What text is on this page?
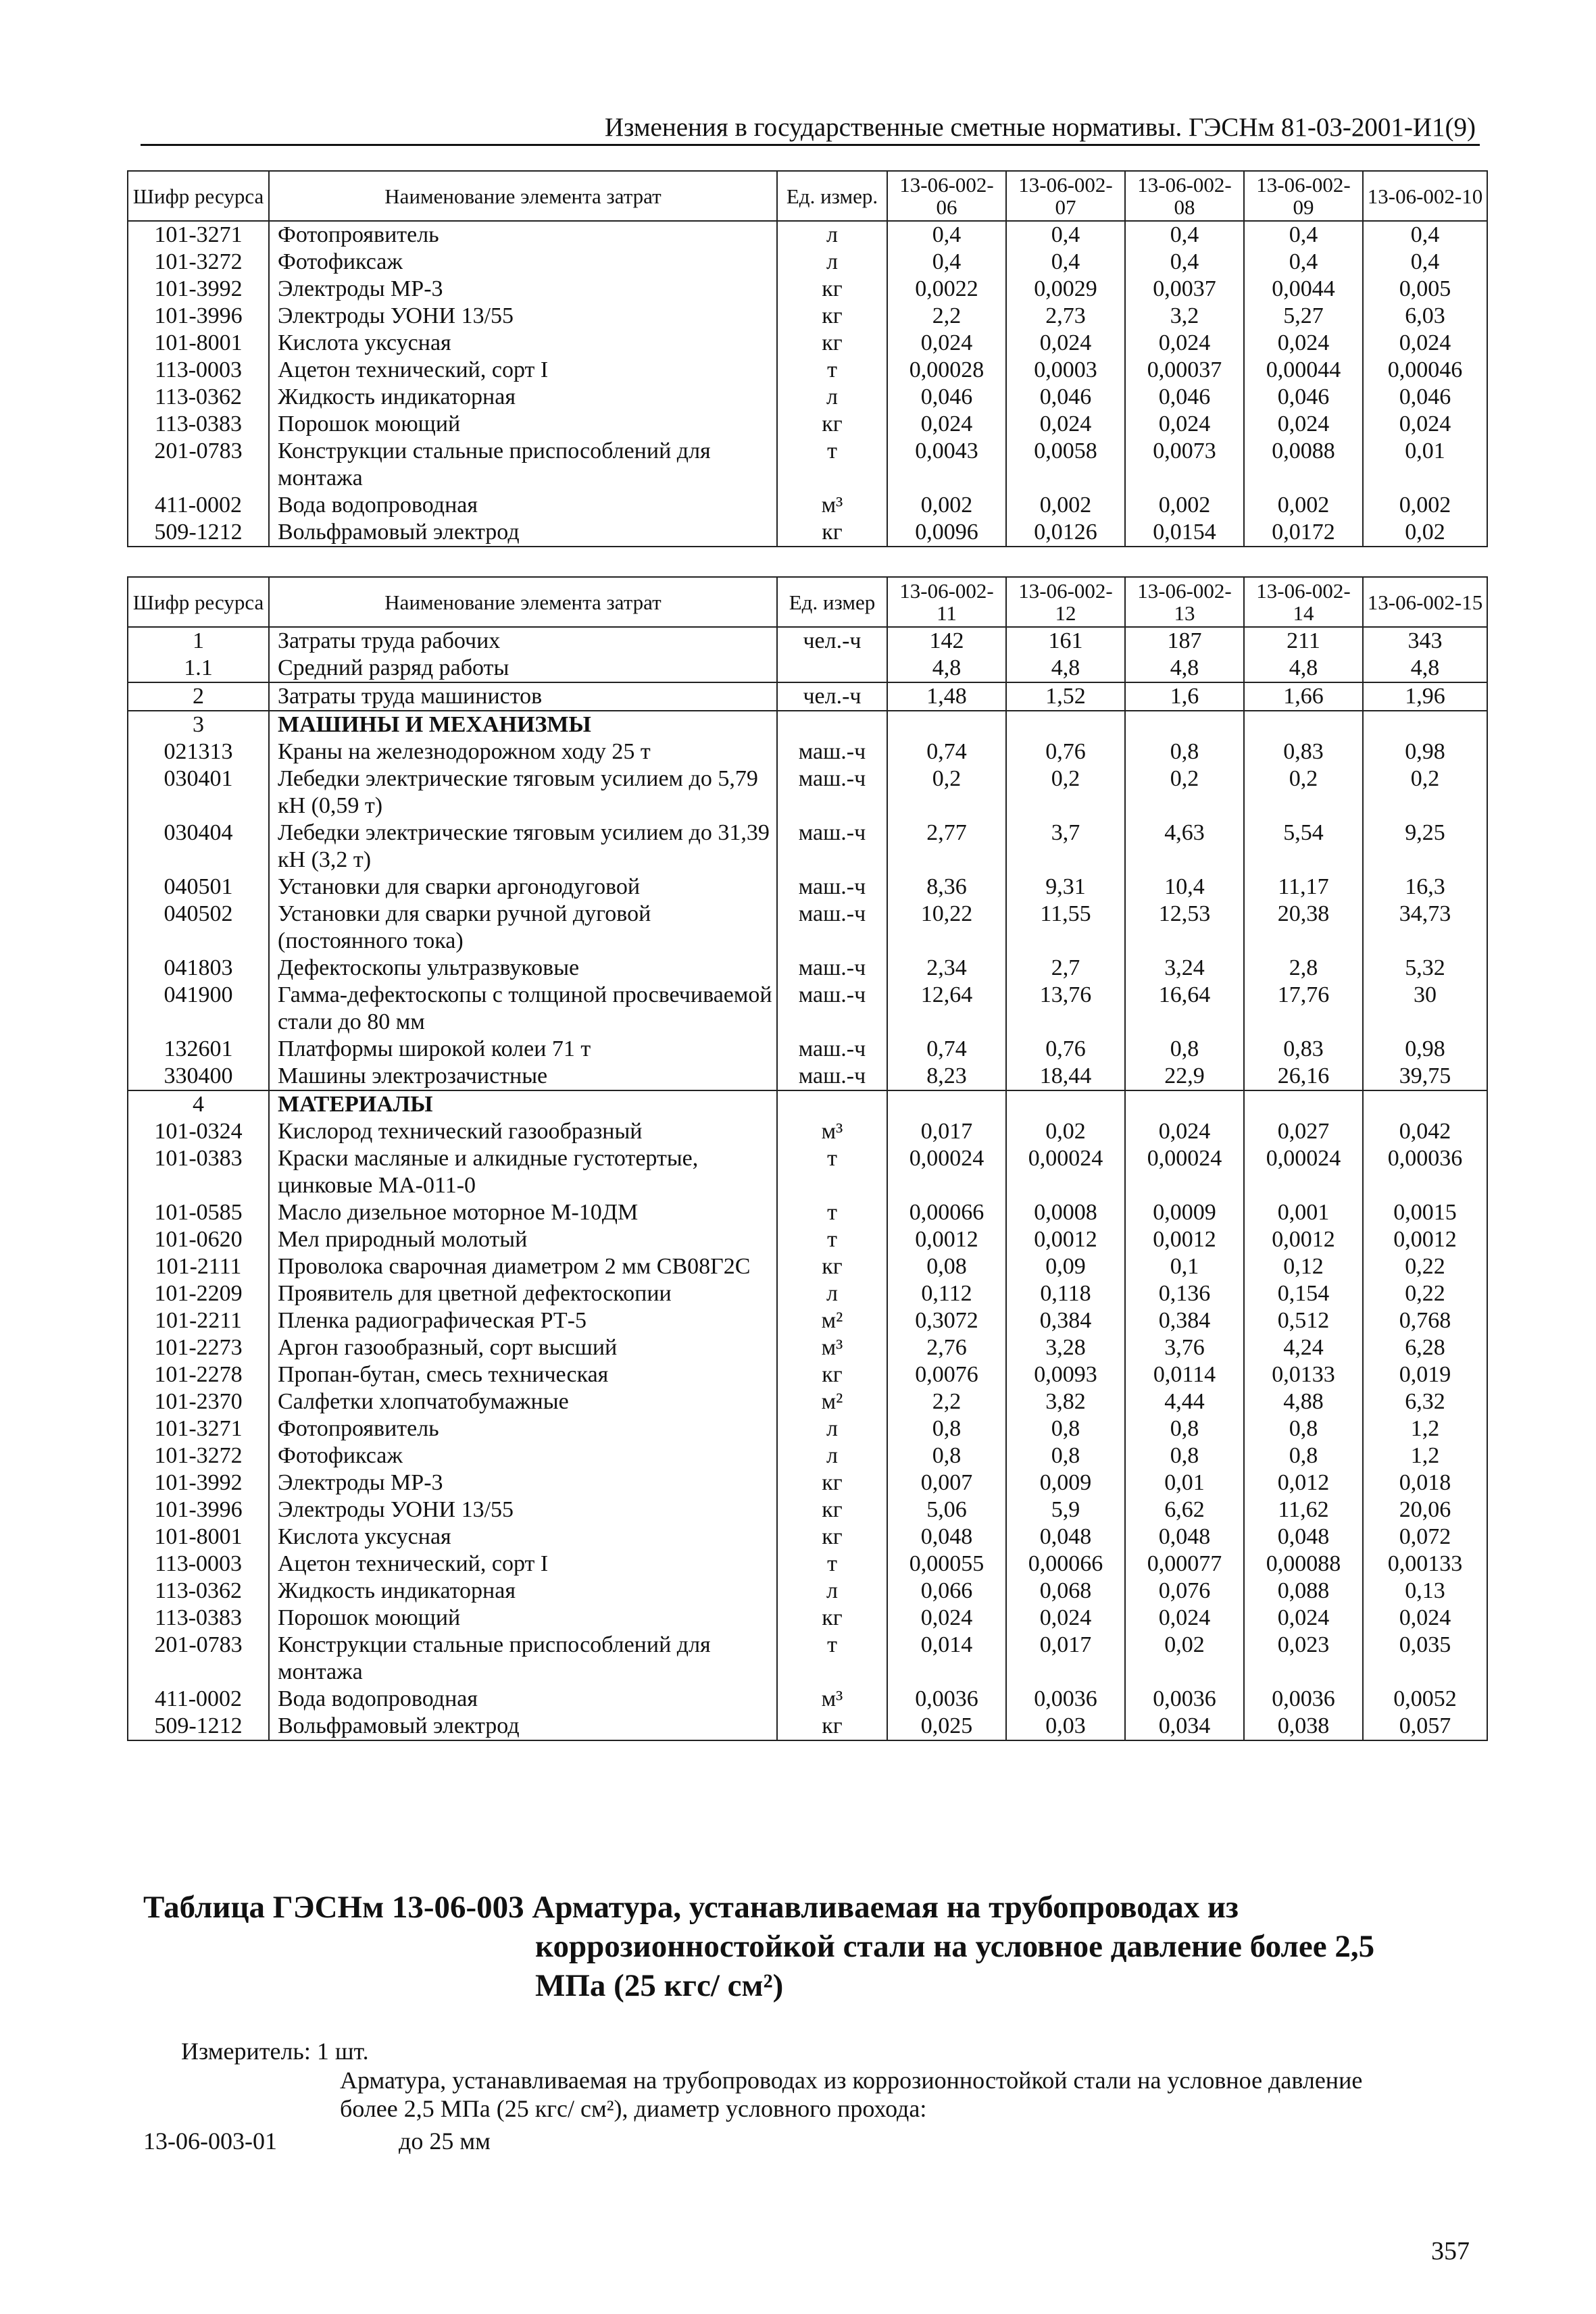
Изменения в государственные сметные нормативы. ГЭСНм 81-03-2001-И1(9)
Шифр ресурса	Наименование элемента затрат	Ед. измер.	13-06-002-06	13-06-002-07	13-06-002-08	13-06-002-09	13-06-002-10
101-3271	Фотопроявитель	л	0,4	0,4	0,4	0,4	0,4
101-3272	Фотофиксаж	л	0,4	0,4	0,4	0,4	0,4
101-3992	Электроды МР-3	кг	0,0022	0,0029	0,0037	0,0044	0,005
101-3996	Электроды УОНИ 13/55	кг	2,2	2,73	3,2	5,27	6,03
101-8001	Кислота уксусная	кг	0,024	0,024	0,024	0,024	0,024
113-0003	Ацетон технический, сорт I	т	0,00028	0,0003	0,00037	0,00044	0,00046
113-0362	Жидкость индикаторная	л	0,046	0,046	0,046	0,046	0,046
113-0383	Порошок моющий	кг	0,024	0,024	0,024	0,024	0,024
201-0783	Конструкции стальные приспособлений для монтажа	т	0,0043	0,0058	0,0073	0,0088	0,01
411-0002	Вода водопроводная	м³	0,002	0,002	0,002	0,002	0,002
509-1212	Вольфрамовый электрод	кг	0,0096	0,0126	0,0154	0,0172	0,02
Шифр ресурса	Наименование элемента затрат	Ед. измер	13-06-002-11	13-06-002-12	13-06-002-13	13-06-002-14	13-06-002-15
1	Затраты труда рабочих	чел.-ч	142	161	187	211	343
1.1	Средний разряд работы		4,8	4,8	4,8	4,8	4,8
2	Затраты труда машинистов	чел.-ч	1,48	1,52	1,6	1,66	1,96
3	МАШИНЫ И МЕХАНИЗМЫ						
021313	Краны на железнодорожном ходу 25 т	маш.-ч	0,74	0,76	0,8	0,83	0,98
030401	Лебедки электрические тяговым усилием до 5,79 кН (0,59 т)	маш.-ч	0,2	0,2	0,2	0,2	0,2
030404	Лебедки электрические тяговым усилием до 31,39 кН (3,2 т)	маш.-ч	2,77	3,7	4,63	5,54	9,25
040501	Установки для сварки аргонодуговой	маш.-ч	8,36	9,31	10,4	11,17	16,3
040502	Установки для сварки ручной дуговой (постоянного тока)	маш.-ч	10,22	11,55	12,53	20,38	34,73
041803	Дефектоскопы ультразвуковые	маш.-ч	2,34	2,7	3,24	2,8	5,32
041900	Гамма-дефектоскопы с толщиной просвечиваемой стали до 80 мм	маш.-ч	12,64	13,76	16,64	17,76	30
132601	Платформы широкой колеи 71 т	маш.-ч	0,74	0,76	0,8	0,83	0,98
330400	Машины электрозачистные	маш.-ч	8,23	18,44	22,9	26,16	39,75
4	МАТЕРИАЛЫ						
101-0324	Кислород технический газообразный	м³	0,017	0,02	0,024	0,027	0,042
101-0383	Краски масляные и алкидные густотертые, цинковые МА-011-0	т	0,00024	0,00024	0,00024	0,00024	0,00036
101-0585	Масло дизельное моторное М-10ДМ	т	0,00066	0,0008	0,0009	0,001	0,0015
101-0620	Мел природный молотый	т	0,0012	0,0012	0,0012	0,0012	0,0012
101-2111	Проволока сварочная диаметром 2 мм СВ08Г2С	кг	0,08	0,09	0,1	0,12	0,22
101-2209	Проявитель для цветной дефектоскопии	л	0,112	0,118	0,136	0,154	0,22
101-2211	Пленка радиографическая РТ-5	м²	0,3072	0,384	0,384	0,512	0,768
101-2273	Аргон газообразный, сорт высший	м³	2,76	3,28	3,76	4,24	6,28
101-2278	Пропан-бутан, смесь техническая	кг	0,0076	0,0093	0,0114	0,0133	0,019
101-2370	Салфетки хлопчатобумажные	м²	2,2	3,82	4,44	4,88	6,32
101-3271	Фотопроявитель	л	0,8	0,8	0,8	0,8	1,2
101-3272	Фотофиксаж	л	0,8	0,8	0,8	0,8	1,2
101-3992	Электроды МР-3	кг	0,007	0,009	0,01	0,012	0,018
101-3996	Электроды УОНИ 13/55	кг	5,06	5,9	6,62	11,62	20,06
101-8001	Кислота уксусная	кг	0,048	0,048	0,048	0,048	0,072
113-0003	Ацетон технический, сорт I	т	0,00055	0,00066	0,00077	0,00088	0,00133
113-0362	Жидкость индикаторная	л	0,066	0,068	0,076	0,088	0,13
113-0383	Порошок моющий	кг	0,024	0,024	0,024	0,024	0,024
201-0783	Конструкции стальные приспособлений для монтажа	т	0,014	0,017	0,02	0,023	0,035
411-0002	Вода водопроводная	м³	0,0036	0,0036	0,0036	0,0036	0,0052
509-1212	Вольфрамовый электрод	кг	0,025	0,03	0,034	0,038	0,057
Таблица ГЭСНм 13-06-003 Арматура, устанавливаемая на трубопроводах из
коррозионностойкой стали на условное давление более 2,5
МПа (25 кгс/ см²)
Измеритель: 1 шт.
Арматура, устанавливаемая на трубопроводах из коррозионностойкой стали на условное давление более 2,5 МПа (25 кгс/ см²), диаметр условного прохода:
13-06-003-01	до 25 мм
357
